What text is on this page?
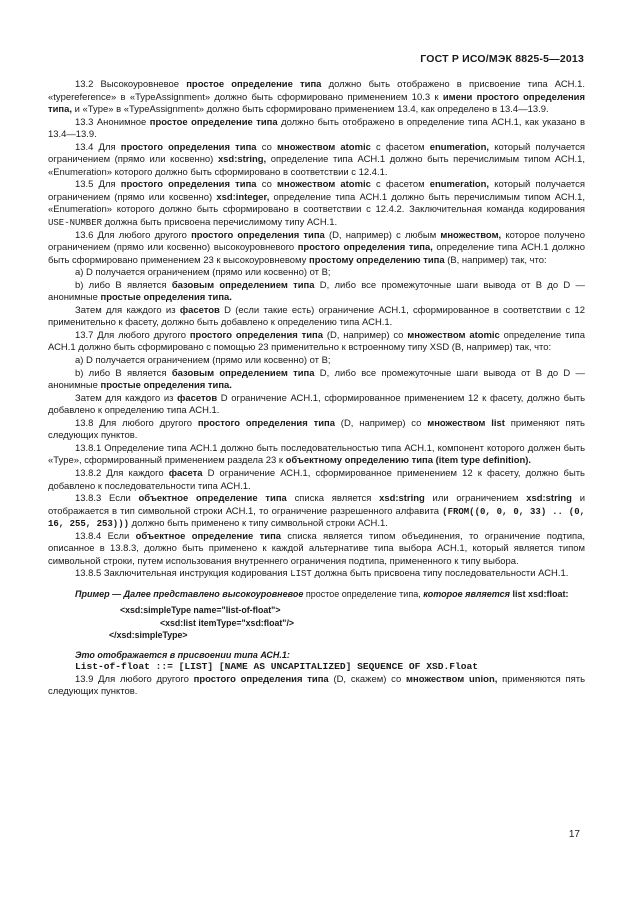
ГОСТ Р ИСО/МЭК 8825-5—2013

13.2 Высокоуровневое простое определение типа должно быть отображено в присвоение типа АСН.1. «typereference» в «TypeAssignment» должно быть сформировано применением 10.3 к имени простого определения типа, и «Type» в «TypeAssignment» должно быть сформировано применением 13.4, как определено в 13.4—13.9.

13.3 Анонимное простое определение типа должно быть отображено в определение типа АСН.1, как указано в 13.4—13.9.

13.4 Для простого определения типа со множеством atomic с фасетом enumeration, который получается ограничением (прямо или косвенно) xsd:string, определение типа АСН.1 должно быть перечислимым типом АСН.1, «Enumeration» которого должно быть сформировано в соответствии с 12.4.1.

13.5 Для простого определения типа со множеством atomic с фасетом enumeration, который получается ограничением (прямо или косвенно) xsd:integer, определение типа АСН.1 должно быть перечислимым типом АСН.1, «Enumeration» которого должно быть сформировано в соответствии с 12.4.2. Заключительная команда кодирования USE-NUMBER должна быть присвоена перечислимому типу АСН.1.

13.6 Для любого другого простого определения типа (D, например) с любым множеством, которое получено ограничением (прямо или косвенно) высокоуровневого простого определения типа, определение типа АСН.1 должно быть сформировано применением 23 к высокоуровневому простому определению типа (B, например) так, что:

a) D получается ограничением (прямо или косвенно) от B;

b) либо B является базовым определением типа D, либо все промежуточные шаги вывода от B до D — анонимные простые определения типа.

Затем для каждого из фасетов D (если такие есть) ограничение АСН.1, сформированное в соответствии с 12 применительно к фасету, должно быть добавлено к определению типа АСН.1.

13.7 Для любого другого простого определения типа (D, например) со множеством atomic определение типа АСН.1 должно быть сформировано с помощью 23 применительно к встроенному типу XSD (B, например) так, что:

a) D получается ограничением (прямо или косвенно) от B;

b) либо B является базовым определением типа D, либо все промежуточные шаги вывода от B до D — анонимные простые определения типа.

Затем для каждого из фасетов D ограничение АСН.1, сформированное применением 12 к фасету, должно быть добавлено к определению типа АСН.1.

13.8 Для любого другого простого определения типа (D, например) со множеством list применяют пять следующих пунктов.

13.8.1 Определение типа АСН.1 должно быть последовательностью типа АСН.1, компонент которого должен быть «Type», сформированный применением раздела 23 к объектному определению типа (item type definition).

13.8.2 Для каждого фасета D ограничение АСН.1, сформированное применением 12 к фасету, должно быть добавлено к последовательности типа АСН.1.

13.8.3 Если объектное определение типа списка является xsd:string или ограничением xsd:string и отображается в тип символьной строки АСН.1, то ограничение разрешенного алфавита (FROM((0, 0, 0, 33) .. (0, 16, 255, 253))) должно быть применено к типу символьной строки АСН.1.

13.8.4 Если объектное определение типа списка является типом объединения, то ограничение подтипа, описанное в 13.8.3, должно быть применено к каждой альтернативе типа выбора АСН.1, который является типом символьной строки, путем использования внутреннего ограничения подтипа, примененного к типу выбора.

13.8.5 Заключительная инструкция кодирования LIST должна быть присвоена типу последовательности АСН.1.

Пример — Далее представлено высокоуровневое простое определение типа, которое является list xsd:float:

<xsd:simpleType name="list-of-float">

<xsd:list itemType="xsd:float"/>

</xsd:simpleType>

Это отображается в присвоении типа АСН.1:

List-of-float ::= [LIST] [NAME AS UNCAPITALIZED] SEQUENCE OF XSD.Float

13.9 Для любого другого простого определения типа (D, скажем) со множеством union, применяются пять следующих пунктов.

17
